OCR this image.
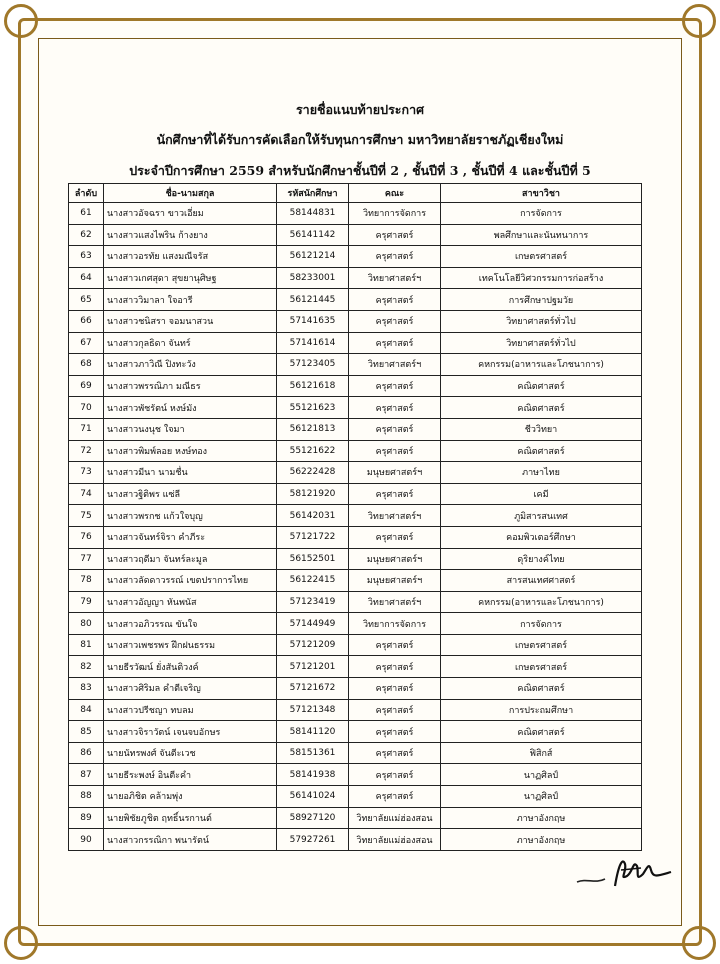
รายชื่อแนบท้ายประกาศ
นักศึกษาที่ได้รับการคัดเลือกให้รับทุนการศึกษา มหาวิทยาลัยราชภัฏเชียงใหม่
ประจำปีการศึกษา 2559 สำหรับนักศึกษาชั้นปีที่ 2 , ชั้นปีที่ 3 , ชั้นปีที่ 4 และชั้นปีที่ 5
ลำดับ	ชื่อ-นามสกุล	รหัสนักศึกษา	คณะ	สาขาวิชา
61	นางสาวอัจฉรา ขาวเอี่ยม	58144831	วิทยาการจัดการ	การจัดการ
62	นางสาวแสงไพริน ก้างยาง	56141142	ครุศาสตร์	พลศึกษาและนันทนาการ
63	นางสาวอรทัย แสงมณีจรัส	56121214	ครุศาสตร์	เกษตรศาสตร์
64	นางสาวเกศสุดา สุขยานุศิษฐ	58233001	วิทยาศาสตร์ฯ	เทคโนโลยีวิศวกรรมการก่อสร้าง
65	นางสาววิมาลา ใจอารี	56121445	ครุศาสตร์	การศึกษาปฐมวัย
66	นางสาวชนิสรา จอมนาสวน	57141635	ครุศาสตร์	วิทยาศาสตร์ทั่วไป
67	นางสาวกุลธิดา จันทร์	57141614	ครุศาสตร์	วิทยาศาสตร์ทั่วไป
68	นางสาวภาวิณี ปิงทะวัง	57123405	วิทยาศาสตร์ฯ	คหกรรม(อาหารและโภชนาการ)
69	นางสาวพรรณิภา มณีธร	56121618	ครุศาสตร์	คณิตศาสตร์
70	นางสาวพัชรัตน์ หงษ์มัง	55121623	ครุศาสตร์	คณิตศาสตร์
71	นางสาวนงนุช ใจมา	56121813	ครุศาสตร์	ชีววิทยา
72	นางสาวพิมพ์ลอย หงษ์ทอง	55121622	ครุศาสตร์	คณิตศาสตร์
73	นางสาวมีนา นามชื่น	56222428	มนุษยศาสตร์ฯ	ภาษาไทย
74	นางสาวฐิติพร แซ่ลี	58121920	ครุศาสตร์	เคมี
75	นางสาวพรกช แก้วใจบุญ	56142031	วิทยาศาสตร์ฯ	ภูมิสารสนเทศ
76	นางสาวจันทร์จิรา คำภีระ	57121722	ครุศาสตร์	คอมพิวเตอร์ศึกษา
77	นางสาวฤดีมา จันทร์ละมูล	56152501	มนุษยศาสตร์ฯ	ดุริยางค์ไทย
78	นางสาวลัดดาวรรณ์ เขตปราการไทย	56122415	มนุษยศาสตร์ฯ	สารสนเทศศาสตร์
79	นางสาวอัญญา หันพนัส	57123419	วิทยาศาสตร์ฯ	คหกรรม(อาหารและโภชนาการ)
80	นางสาวอภิวรรณ ขันใจ	57144949	วิทยาการจัดการ	การจัดการ
81	นางสาวเพชรพร ฝึกฝนธรรม	57121209	ครุศาสตร์	เกษตรศาสตร์
82	นายธีรวัฒน์ ยั่งสันติวงค์	57121201	ครุศาสตร์	เกษตรศาสตร์
83	นางสาวศิริมล คำตีเจริญ	57121672	ครุศาสตร์	คณิตศาสตร์
84	นางสาวปรีชญา ทบลม	57121348	ครุศาสตร์	การประถมศึกษา
85	นางสาวจิราวัตน์ เจนจบอักษร	58141120	ครุศาสตร์	คณิตศาสตร์
86	นายนัทรพงศ์ จันตีะเวช	58151361	ครุศาสตร์	ฟิสิกส์
87	นายธีระพงษ์ อินตีะคำ	58141938	ครุศาสตร์	นาฏศิลป์
88	นายอภิชิต คล้ามพุ่ง	56141024	ครุศาสตร์	นาฏศิลป์
89	นายพิชัยภูชิต ฤทธิ์นรกานต์	58927120	วิทยาลัยแม่ฮ่องสอน	ภาษาอังกฤษ
90	นางสาวกรรณิกา พนารัตน์	57927261	วิทยาลัยแม่ฮ่องสอน	ภาษาอังกฤษ
